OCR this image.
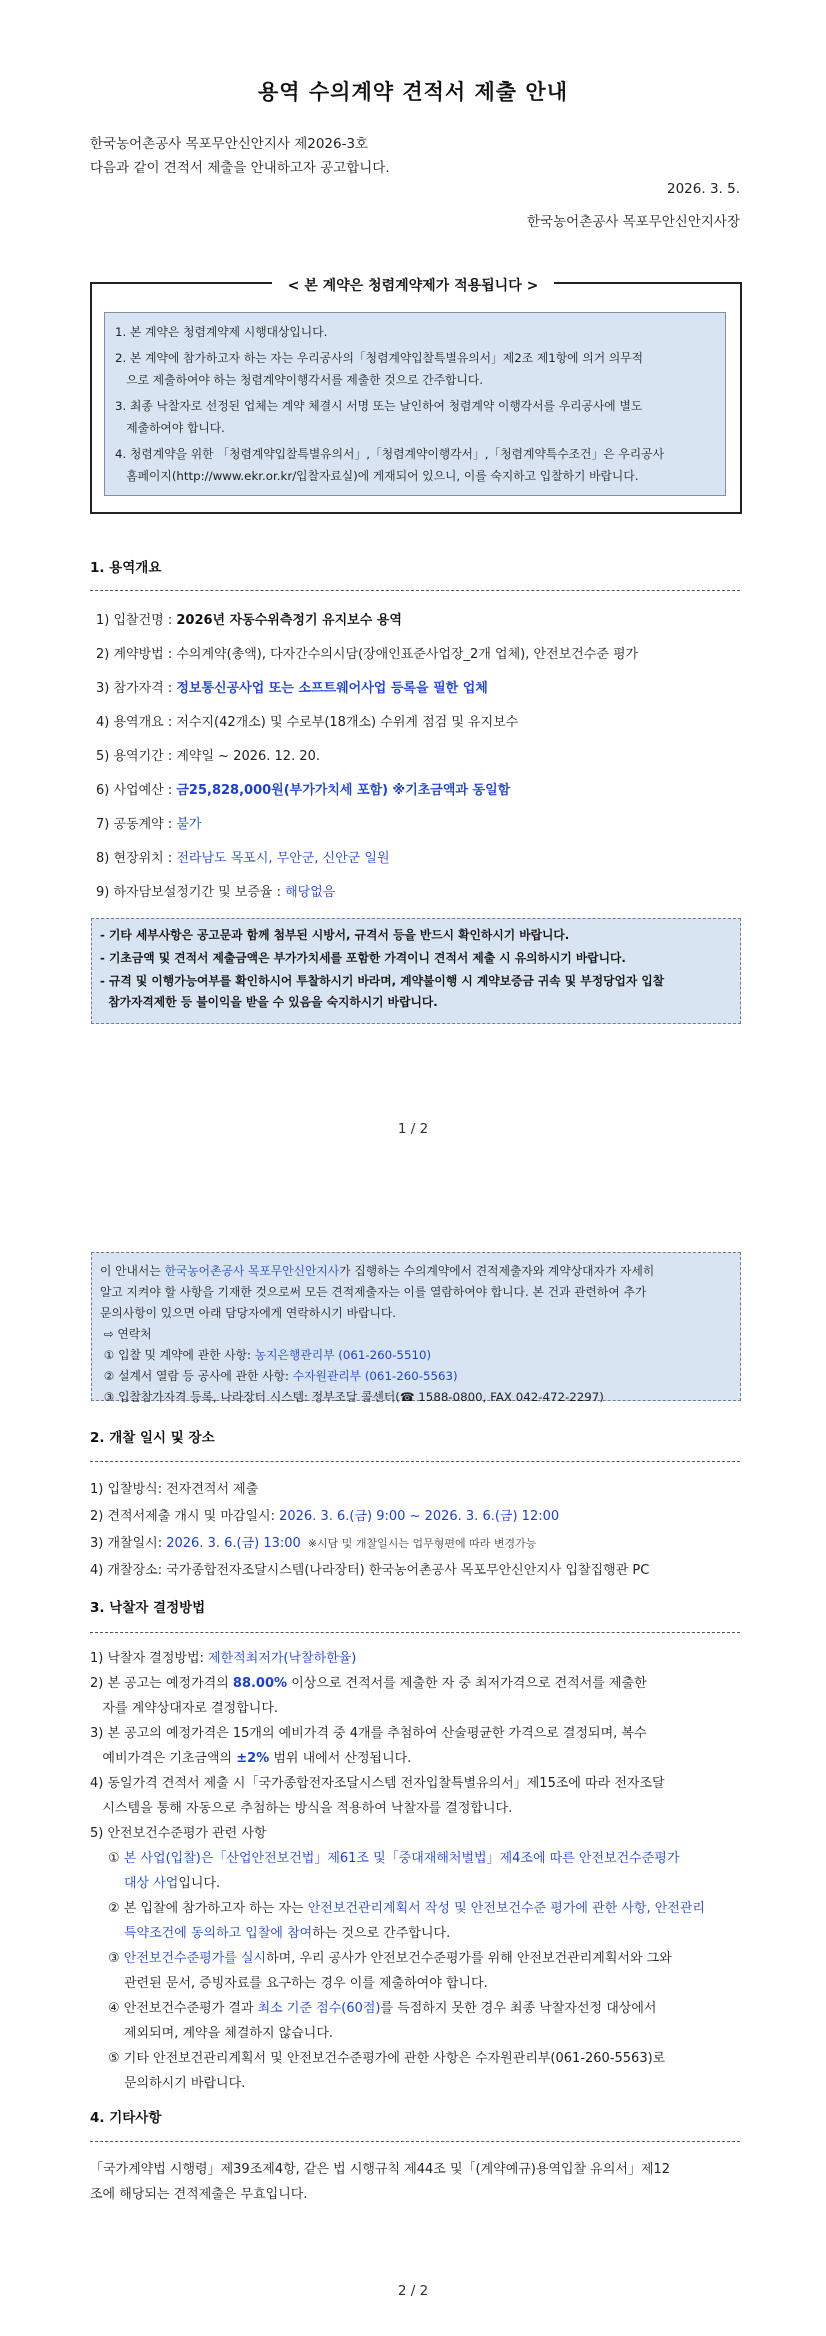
용역 수의계약 견적서 제출 안내
한국농어촌공사 목포무안신안지사 제2026-3호
다음과 같이 견적서 제출을 안내하고자 공고합니다.
2026. 3. 5.
한국농어촌공사 목포무안신안지사장
< 본 계약은 청렴계약제가 적용됩니다 >
1. 본 계약은 청렴계약제 시행대상입니다.
2. 본 계약에 참가하고자 하는 자는 우리공사의「청렴계약입찰특별유의서」제2조 제1항에 의거 의무적
으로 제출하여야 하는 청렴계약이행각서를 제출한 것으로 간주합니다.
3. 최종 낙찰자로 선정된 업체는 계약 체결시 서명 또는 날인하여 청렴계약 이행각서를 우리공사에 별도
제출하여야 합니다.
4. 청렴계약을 위한 「청렴계약입찰특별유의서」,「청렴계약이행각서」,「청렴계약특수조건」은 우리공사
홈페이지(http://www.ekr.or.kr/입찰자료실)에 게재되어 있으니, 이를 숙지하고 입찰하기 바랍니다.
1. 용역개요
1) 입찰건명 : 2026년 자동수위측정기 유지보수 용역
2) 계약방법 : 수의계약(총액), 다자간수의시담(장애인표준사업장_2개 업체), 안전보건수준 평가
3) 참가자격 : 정보통신공사업 또는 소프트웨어사업 등록을 필한 업체
4) 용역개요 : 저수지(42개소) 및 수로부(18개소) 수위계 점검 및 유지보수
5) 용역기간 : 계약일 ~ 2026. 12. 20.
6) 사업예산 : 금25,828,000원(부가가치세 포함) ※기초금액과 동일함
7) 공동계약 : 불가
8) 현장위치 : 전라남도 목포시, 무안군, 신안군 일원
9) 하자담보설정기간 및 보증율 : 해당없음
- 기타 세부사항은 공고문과 함께 첨부된 시방서, 규격서 등을 반드시 확인하시기 바랍니다.
- 기초금액 및 견적서 제출금액은 부가가치세를 포함한 가격이니 견적서 제출 시 유의하시기 바랍니다.
- 규격 및 이행가능여부를 확인하시어 투찰하시기 바라며, 계약불이행 시 계약보증금 귀속 및 부정당업자 입찰
참가자격제한 등 불이익을 받을 수 있음을 숙지하시기 바랍니다.
1 / 2
이 안내서는 한국농어촌공사 목포무안신안지사가 집행하는 수의계약에서 견적제출자와 계약상대자가 자세히
알고 지켜야 할 사항을 기재한 것으로써 모든 견적제출자는 이를 열람하여야 합니다. 본 건과 관련하여 추가
문의사항이 있으면 아래 담당자에게 연락하시기 바랍니다.
⇨ 연락처
① 입찰 및 계약에 관한 사항: 농지은행관리부 (061-260-5510)
② 설계서 열람 등 공사에 관한 사항: 수자원관리부 (061-260-5563)
③ 입찰참가자격 등록, 나라장터 시스템: 정부조달 콜센터(☎ 1588-0800, FAX 042-472-2297)
2. 개찰 일시 및 장소
1) 입찰방식: 전자견적서 제출
2) 견적서제출 개시 및 마감일시: 2026. 3. 6.(금) 9:00 ~ 2026. 3. 6.(금) 12:00
3) 개찰일시: 2026. 3. 6.(금) 13:00  ※시담 및 개찰일시는 업무형편에 따라 변경가능
4) 개찰장소: 국가종합전자조달시스템(나라장터) 한국농어촌공사 목포무안신안지사 입찰집행관 PC
3. 낙찰자 결정방법
1) 낙찰자 결정방법: 제한적최저가(낙찰하한율)
2) 본 공고는 예정가격의 88.00% 이상으로 견적서를 제출한 자 중 최저가격으로 견적서를 제출한
자를 계약상대자로 결정합니다.
3) 본 공고의 예정가격은 15개의 예비가격 중 4개를 추첨하여 산술평균한 가격으로 결정되며, 복수
예비가격은 기초금액의 ±2% 범위 내에서 산정됩니다.
4) 동일가격 견적서 제출 시「국가종합전자조달시스템 전자입찰특별유의서」제15조에 따라 전자조달
시스템을 통해 자동으로 추첨하는 방식을 적용하여 낙찰자를 결정합니다.
5) 안전보건수준평가 관련 사항
① 본 사업(입찰)은「산업안전보건법」제61조 및「중대재해처벌법」제4조에 따른 안전보건수준평가
대상 사업입니다.
② 본 입찰에 참가하고자 하는 자는 안전보건관리계획서 작성 및 안전보건수준 평가에 관한 사항, 안전관리
특약조건에 동의하고 입찰에 참여하는 것으로 간주합니다.
③ 안전보건수준평가를 실시하며, 우리 공사가 안전보건수준평가를 위해 안전보건관리계획서와 그와
관련된 문서, 증빙자료를 요구하는 경우 이를 제출하여야 합니다.
④ 안전보건수준평가 결과 최소 기준 점수(60점)를 득점하지 못한 경우 최종 낙찰자선정 대상에서
제외되며, 계약을 체결하지 않습니다.
⑤ 기타 안전보건관리계획서 및 안전보건수준평가에 관한 사항은 수자원관리부(061-260-5563)로
문의하시기 바랍니다.
4. 기타사항
「국가계약법 시행령」제39조제4항, 같은 법 시행규칙 제44조 및「(계약예규)용역입찰 유의서」제12
조에 해당되는 견적제출은 무효입니다.
2 / 2
